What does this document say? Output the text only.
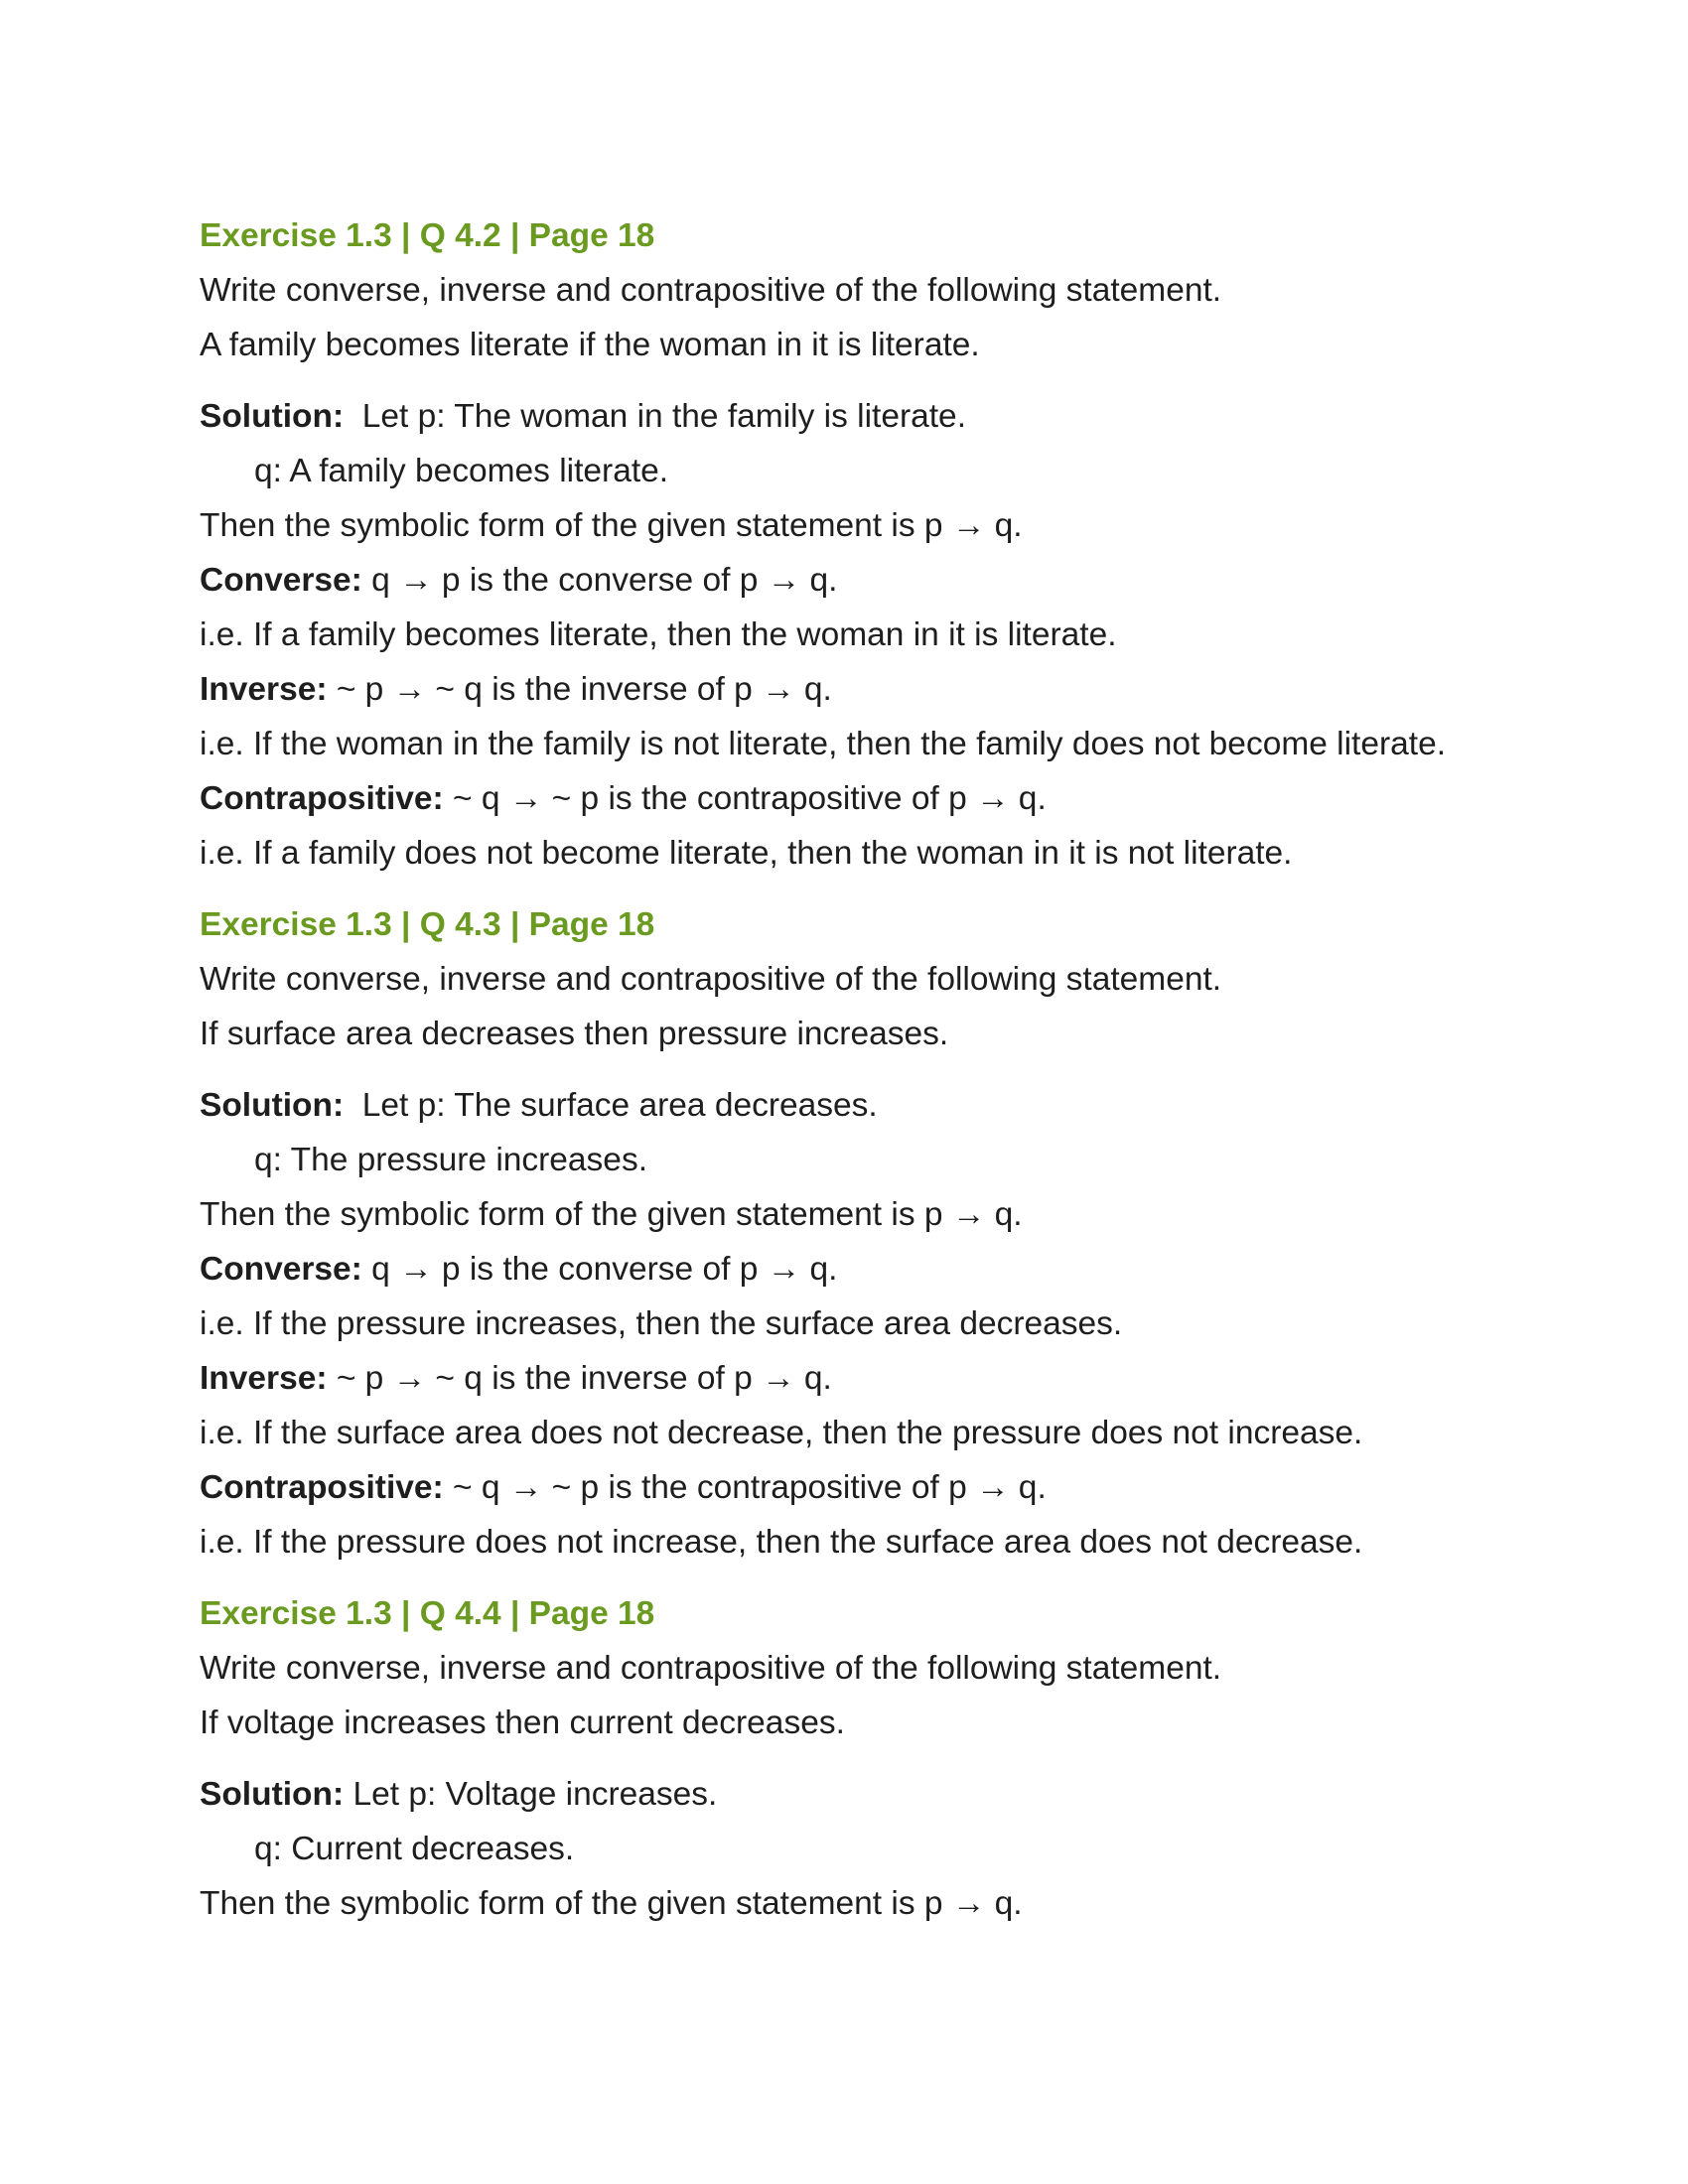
Exercise 1.3 | Q 4.2 | Page 18
Write converse, inverse and contrapositive of the following statement.
A family becomes literate if the woman in it is literate.
Solution: Let p: The woman in the family is literate.
q: A family becomes literate.
Then the symbolic form of the given statement is p → q.
Converse: q → p is the converse of p → q.
i.e. If a family becomes literate, then the woman in it is literate.
Inverse: ~ p → ~ q is the inverse of p → q.
i.e. If the woman in the family is not literate, then the family does not become literate.
Contrapositive: ~ q → ~ p is the contrapositive of p → q.
i.e. If a family does not become literate, then the woman in it is not literate.
Exercise 1.3 | Q 4.3 | Page 18
Write converse, inverse and contrapositive of the following statement.
If surface area decreases then pressure increases.
Solution: Let p: The surface area decreases.
q: The pressure increases.
Then the symbolic form of the given statement is p → q.
Converse: q → p is the converse of p → q.
i.e. If the pressure increases, then the surface area decreases.
Inverse: ~ p → ~ q is the inverse of p → q.
i.e. If the surface area does not decrease, then the pressure does not increase.
Contrapositive: ~ q → ~ p is the contrapositive of p → q.
i.e. If the pressure does not increase, then the surface area does not decrease.
Exercise 1.3 | Q 4.4 | Page 18
Write converse, inverse and contrapositive of the following statement.
If voltage increases then current decreases.
Solution: Let p: Voltage increases.
q: Current decreases.
Then the symbolic form of the given statement is p → q.
